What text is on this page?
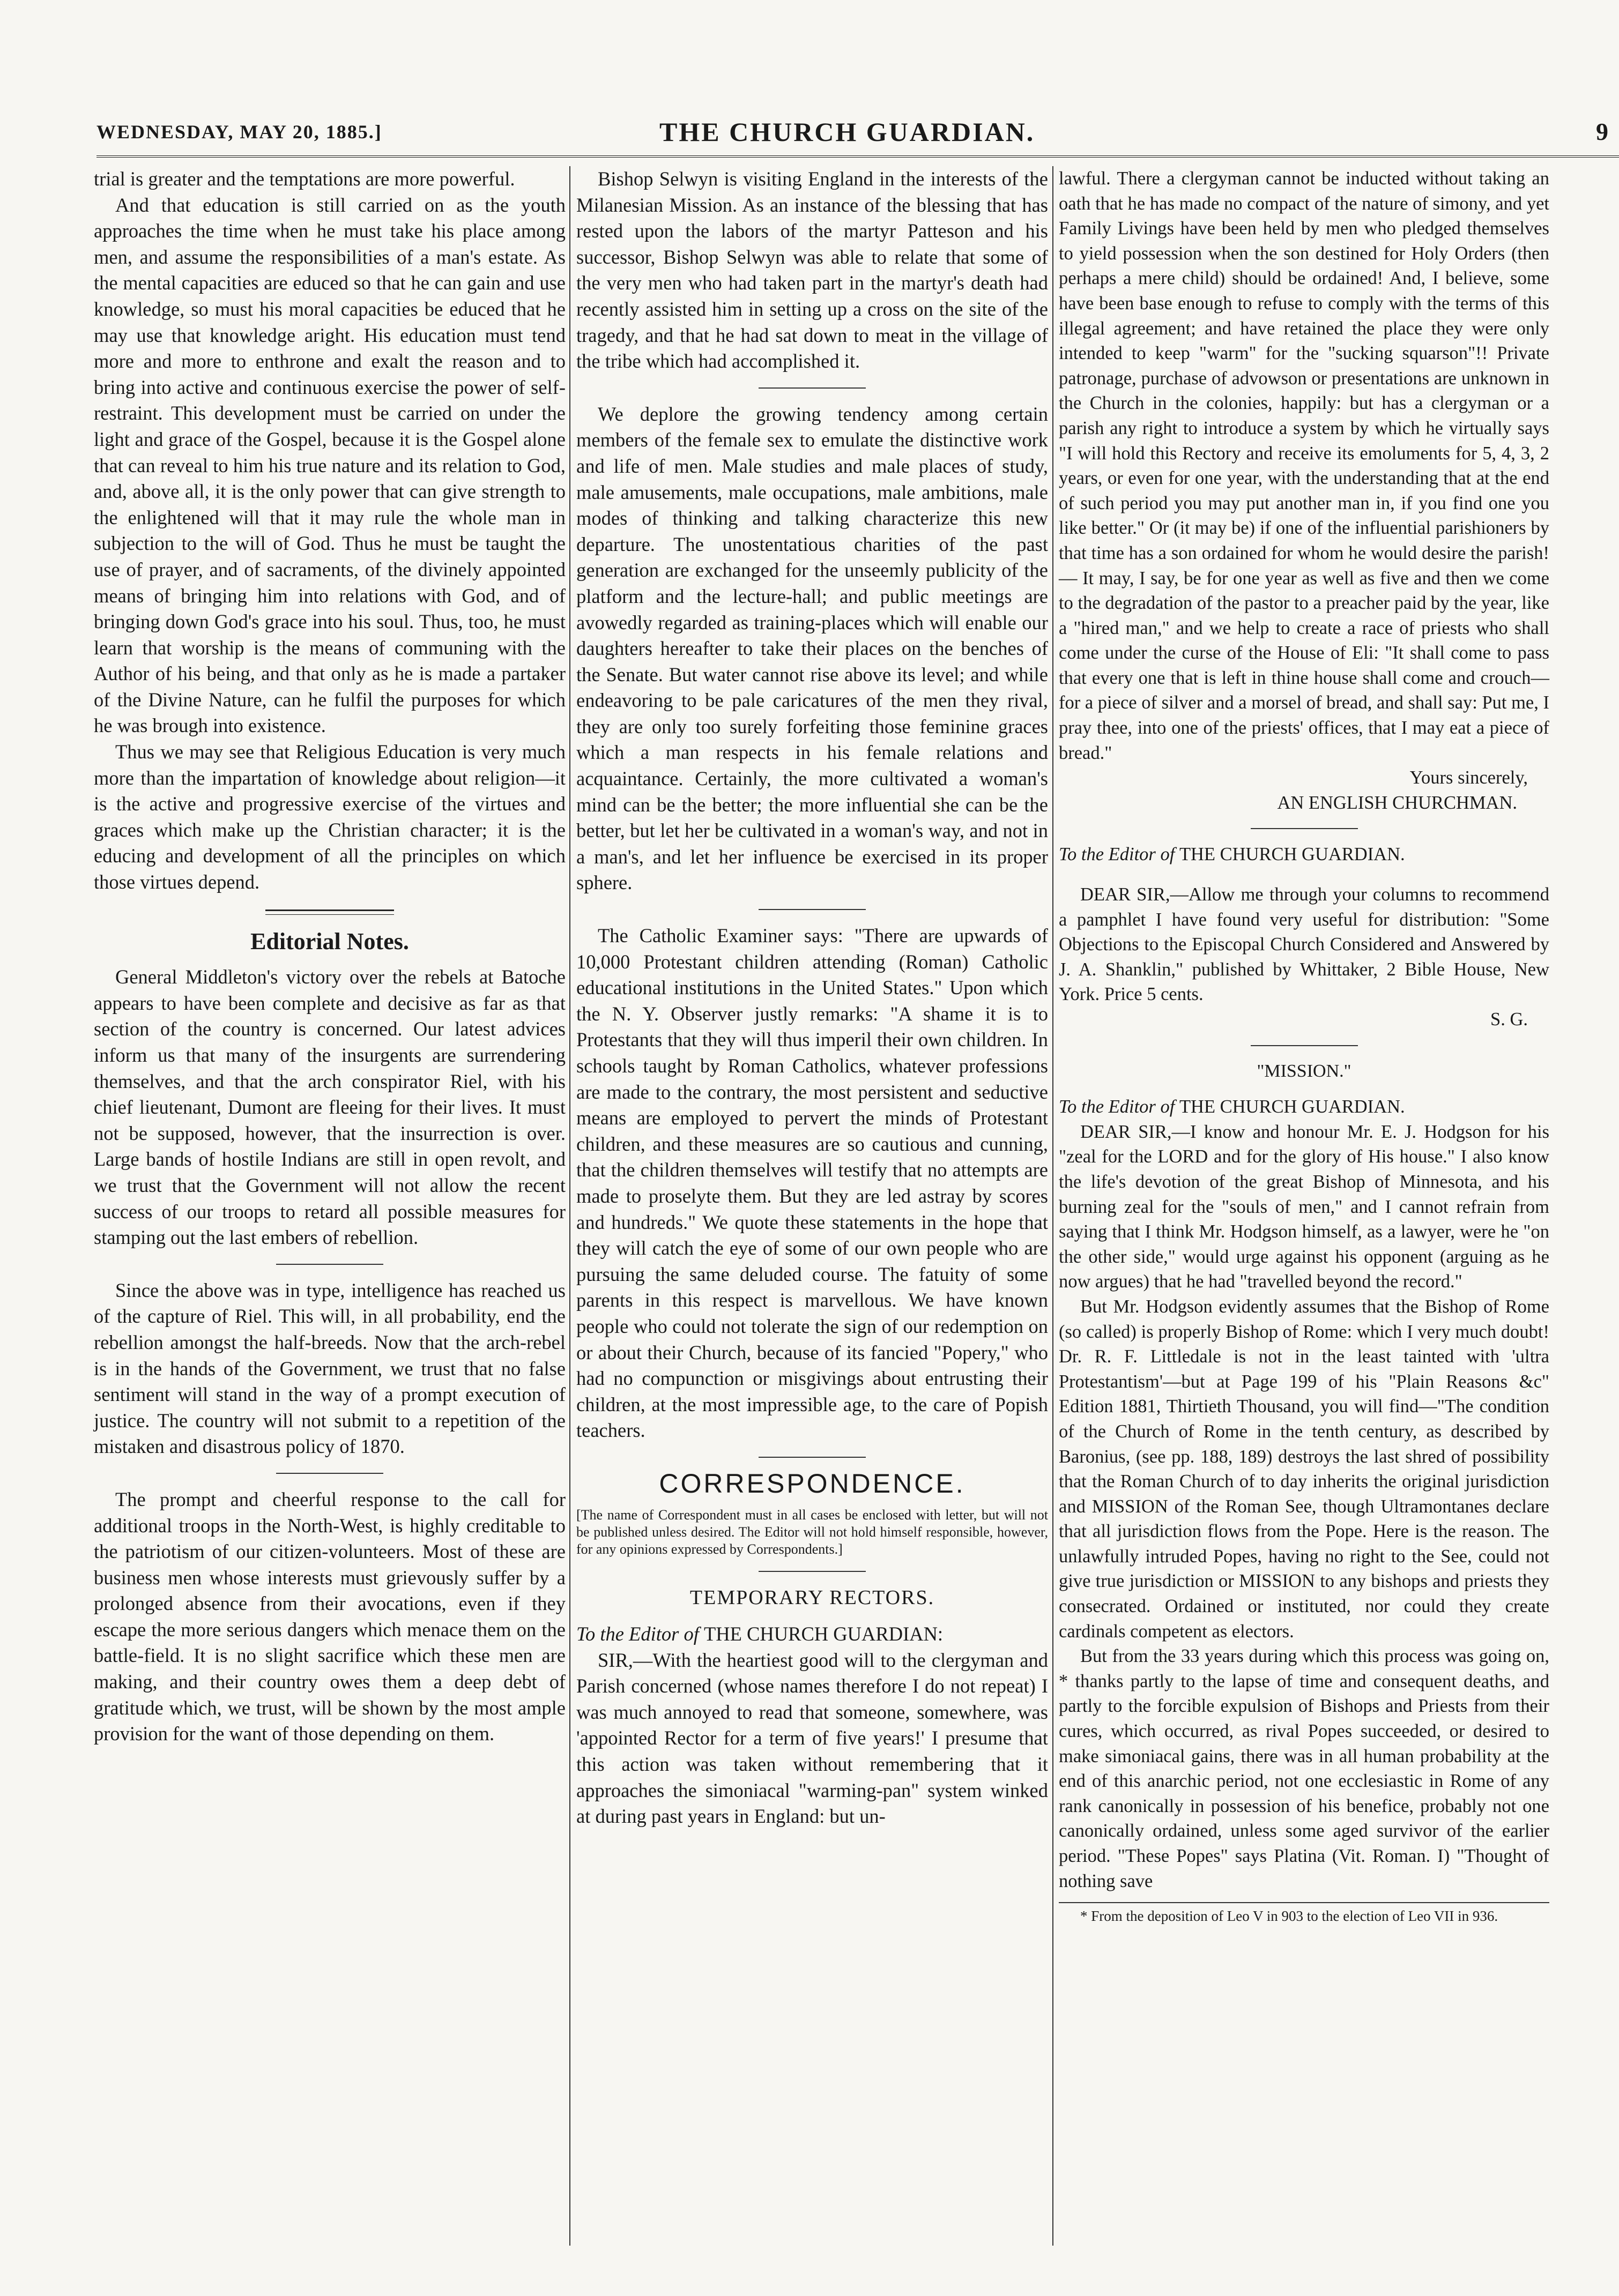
WEDNESDAY, MAY 20, 1885.]	THE CHURCH GUARDIAN.	9

trial is greater and the temptations are more powerful.

And that education is still carried on as the youth approaches the time when he must take his place among men, and assume the responsibilities of a man's estate. As the mental capacities are educed so that he can gain and use knowledge, so must his moral capacities be educed that he may use that knowledge aright. His education must tend more and more to enthrone and exalt the reason and to bring into active and continuous exercise the power of self-restraint. This development must be carried on under the light and grace of the Gospel, because it is the Gospel alone that can reveal to him his true nature and its relation to God, and, above all, it is the only power that can give strength to the enlightened will that it may rule the whole man in subjection to the will of God. Thus he must be taught the use of prayer, and of sacraments, of the divinely appointed means of bringing him into relations with God, and of bringing down God's grace into his soul. Thus, too, he must learn that worship is the means of communing with the Author of his being, and that only as he is made a partaker of the Divine Nature, can he fulfil the purposes for which he was brough into existence.

Thus we may see that Religious Education is very much more than the impartation of knowledge about religion—it is the active and progressive exercise of the virtues and graces which make up the Christian character; it is the educing and development of all the principles on which those virtues depend.

Editorial Notes.

General Middleton's victory over the rebels at Batoche appears to have been complete and decisive as far as that section of the country is concerned. Our latest advices inform us that many of the insurgents are surrendering themselves, and that the arch conspirator Riel, with his chief lieutenant, Dumont are fleeing for their lives. It must not be supposed, however, that the insurrection is over. Large bands of hostile Indians are still in open revolt, and we trust that the Government will not allow the recent success of our troops to retard all possible measures for stamping out the last embers of rebellion.

Since the above was in type, intelligence has reached us of the capture of Riel. This will, in all probability, end the rebellion amongst the half-breeds. Now that the arch-rebel is in the hands of the Government, we trust that no false sentiment will stand in the way of a prompt execution of justice. The country will not submit to a repetition of the mistaken and disastrous policy of 1870.

The prompt and cheerful response to the call for additional troops in the North-West, is highly creditable to the patriotism of our citizen-volunteers. Most of these are business men whose interests must grievously suffer by a prolonged absence from their avocations, even if they escape the more serious dangers which menace them on the battle-field. It is no slight sacrifice which these men are making, and their country owes them a deep debt of gratitude which, we trust, will be shown by the most ample provision for the want of those depending on them.

Bishop Selwyn is visiting England in the interests of the Milanesian Mission. As an instance of the blessing that has rested upon the labors of the martyr Patteson and his successor, Bishop Selwyn was able to relate that some of the very men who had taken part in the martyr's death had recently assisted him in setting up a cross on the site of the tragedy, and that he had sat down to meat in the village of the tribe which had accomplished it.

We deplore the growing tendency among certain members of the female sex to emulate the distinctive work and life of men. Male studies and male places of study, male amusements, male occupations, male ambitions, male modes of thinking and talking characterize this new departure. The unostentatious charities of the past generation are exchanged for the unseemly publicity of the platform and the lecture-hall; and public meetings are avowedly regarded as training-places which will enable our daughters hereafter to take their places on the benches of the Senate. But water cannot rise above its level; and while endeavoring to be pale caricatures of the men they rival, they are only too surely forfeiting those feminine graces which a man respects in his female relations and acquaintance. Certainly, the more cultivated a woman's mind can be the better; the more influential she can be the better, but let her be cultivated in a woman's way, and not in a man's, and let her influence be exercised in its proper sphere.

The Catholic Examiner says: "There are upwards of 10,000 Protestant children attending (Roman) Catholic educational institutions in the United States." Upon which the N. Y. Observer justly remarks: "A shame it is to Protestants that they will thus imperil their own children. In schools taught by Roman Catholics, whatever professions are made to the contrary, the most persistent and seductive means are employed to pervert the minds of Protestant children, and these measures are so cautious and cunning, that the children themselves will testify that no attempts are made to proselyte them. But they are led astray by scores and hundreds." We quote these statements in the hope that they will catch the eye of some of our own people who are pursuing the same deluded course. The fatuity of some parents in this respect is marvellous. We have known people who could not tolerate the sign of our redemption on or about their Church, because of its fancied "Popery," who had no compunction or misgivings about entrusting their children, at the most impressible age, to the care of Popish teachers.

CORRESPONDENCE.

[The name of Correspondent must in all cases be enclosed with letter, but will not be published unless desired. The Editor will not hold himself responsible, however, for any opinions expressed by Correspondents.]

TEMPORARY RECTORS.

To the Editor of THE CHURCH GUARDIAN:

SIR,—With the heartiest good will to the clergyman and Parish concerned (whose names therefore I do not repeat) I was much annoyed to read that someone, somewhere, was 'appointed Rector for a term of five years!' I presume that this action was taken without remembering that it approaches the simoniacal "warming-pan" system winked at during past years in England: but un-

lawful. There a clergyman cannot be inducted without taking an oath that he has made no compact of the nature of simony, and yet Family Livings have been held by men who pledged themselves to yield possession when the son destined for Holy Orders (then perhaps a mere child) should be ordained! And, I believe, some have been base enough to refuse to comply with the terms of this illegal agreement; and have retained the place they were only intended to keep "warm" for the "sucking squarson"!! Private patronage, purchase of advowson or presentations are unknown in the Church in the colonies, happily: but has a clergyman or a parish any right to introduce a system by which he virtually says "I will hold this Rectory and receive its emoluments for 5, 4, 3, 2 years, or even for one year, with the understanding that at the end of such period you may put another man in, if you find one you like better." Or (it may be) if one of the influential parishioners by that time has a son ordained for whom he would desire the parish!— It may, I say, be for one year as well as five and then we come to the degradation of the pastor to a preacher paid by the year, like a "hired man," and we help to create a race of priests who shall come under the curse of the House of Eli: "It shall come to pass that every one that is left in thine house shall come and crouch—for a piece of silver and a morsel of bread, and shall say: Put me, I pray thee, into one of the priests' offices, that I may eat a piece of bread."

Yours sincerely,

AN ENGLISH CHURCHMAN.

To the Editor of THE CHURCH GUARDIAN.

DEAR SIR,—Allow me through your columns to recommend a pamphlet I have found very useful for distribution: "Some Objections to the Episcopal Church Considered and Answered by J. A. Shanklin," published by Whittaker, 2 Bible House, New York. Price 5 cents.

S. G.

"MISSION."

To the Editor of THE CHURCH GUARDIAN.

DEAR SIR,—I know and honour Mr. E. J. Hodgson for his "zeal for the LORD and for the glory of His house." I also know the life's devotion of the great Bishop of Minnesota, and his burning zeal for the "souls of men," and I cannot refrain from saying that I think Mr. Hodgson himself, as a lawyer, were he "on the other side," would urge against his opponent (arguing as he now argues) that he had "travelled beyond the record."

But Mr. Hodgson evidently assumes that the Bishop of Rome (so called) is properly Bishop of Rome: which I very much doubt! Dr. R. F. Littledale is not in the least tainted with 'ultra Protestantism'—but at Page 199 of his "Plain Reasons &c" Edition 1881, Thirtieth Thousand, you will find—"The condition of the Church of Rome in the tenth century, as described by Baronius, (see pp. 188, 189) destroys the last shred of possibility that the Roman Church of to day inherits the original jurisdiction and MISSION of the Roman See, though Ultramontanes declare that all jurisdiction flows from the Pope. Here is the reason. The unlawfully intruded Popes, having no right to the See, could not give true jurisdiction or MISSION to any bishops and priests they consecrated. Ordained or instituted, nor could they create cardinals competent as electors.

But from the 33 years during which this process was going on, * thanks partly to the lapse of time and consequent deaths, and partly to the forcible expulsion of Bishops and Priests from their cures, which occurred, as rival Popes succeeded, or desired to make simoniacal gains, there was in all human probability at the end of this anarchic period, not one ecclesiastic in Rome of any rank canonically in possession of his benefice, probably not one canonically ordained, unless some aged survivor of the earlier period. "These Popes" says Platina (Vit. Roman. I) "Thought of nothing save

* From the deposition of Leo V in 903 to the election of Leo VII in 936.
